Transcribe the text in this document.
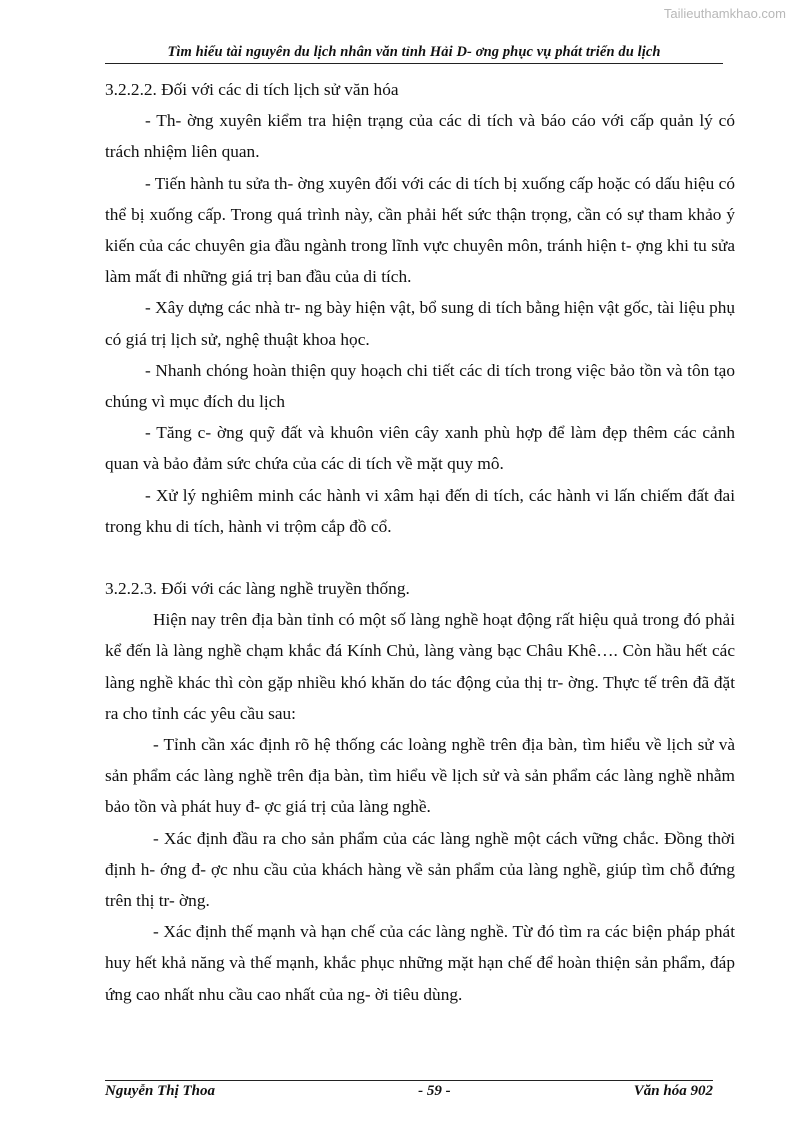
Tailieuthamkhao.com
Tìm hiểu tài nguyên du lịch nhân văn tỉnh Hải D- ơng phục vụ phát triển du lịch

3.2.2.2. Đối với các di tích lịch sử văn hóa

- Th- ờng xuyên kiểm tra hiện trạng của các di tích và báo cáo với cấp quản lý có trách nhiệm liên quan.

- Tiến hành tu sửa th- ờng xuyên đối với các di tích bị xuống cấp hoặc có dấu hiệu có thể bị xuống cấp. Trong quá trình này, cần phải hết sức thận trọng, cần có sự tham khảo ý kiến của các chuyên gia đầu ngành trong lĩnh vực chuyên môn, tránh hiện t- ợng khi tu sửa làm mất đi những giá trị ban đầu của di tích.

- Xây dựng các nhà tr- ng bày hiện vật, bổ sung di tích bằng hiện vật gốc, tài liệu phụ có giá trị lịch sử, nghệ thuật khoa học.

- Nhanh chóng hoàn thiện quy hoạch chi tiết các di tích trong việc bảo tồn và tôn tạo chúng vì mục đích du lịch

- Tăng c- ờng quỹ đất và khuôn viên cây xanh phù hợp để làm đẹp thêm các cảnh quan và bảo đảm sức chứa của các di tích về mặt quy mô.

- Xử lý nghiêm minh các hành vi xâm hại đến di tích, các hành vi lấn chiếm đất đai trong khu di tích, hành vi trộm cắp đồ cổ.

3.2.2.3. Đối với các làng nghề truyền thống.

Hiện nay trên địa bàn tỉnh có một số làng nghề hoạt động rất hiệu quả trong đó phải kể đến là làng nghề chạm khắc đá Kính Chủ, làng vàng bạc Châu Khê…. Còn hầu hết các làng nghề khác thì còn gặp nhiều khó khăn do tác động của thị tr- ờng. Thực tế trên đã đặt ra cho tỉnh các yêu cầu sau:

- Tỉnh cần xác định rõ hệ thống các loàng nghề trên địa bàn, tìm hiểu về lịch sử và sản phẩm các làng nghề trên địa bàn, tìm hiểu về lịch sử và sản phẩm các làng nghề nhằm bảo tồn và phát huy đ- ợc giá trị của làng nghề.

- Xác định đầu ra cho sản phẩm của các làng nghề một cách vững chắc. Đồng thời định h- ớng đ- ợc nhu cầu của khách hàng về sản phẩm của làng nghề, giúp tìm chỗ đứng trên thị tr- ờng.

- Xác định thế mạnh và hạn chế của các làng nghề. Từ đó tìm ra các biện pháp phát huy hết khả năng và thế mạnh, khắc phục những mặt hạn chế để hoàn thiện sản phẩm, đáp ứng cao nhất nhu cầu cao nhất của ng- ời tiêu dùng.

Nguyễn Thị Thoa	- 59 -	Văn hóa 902
